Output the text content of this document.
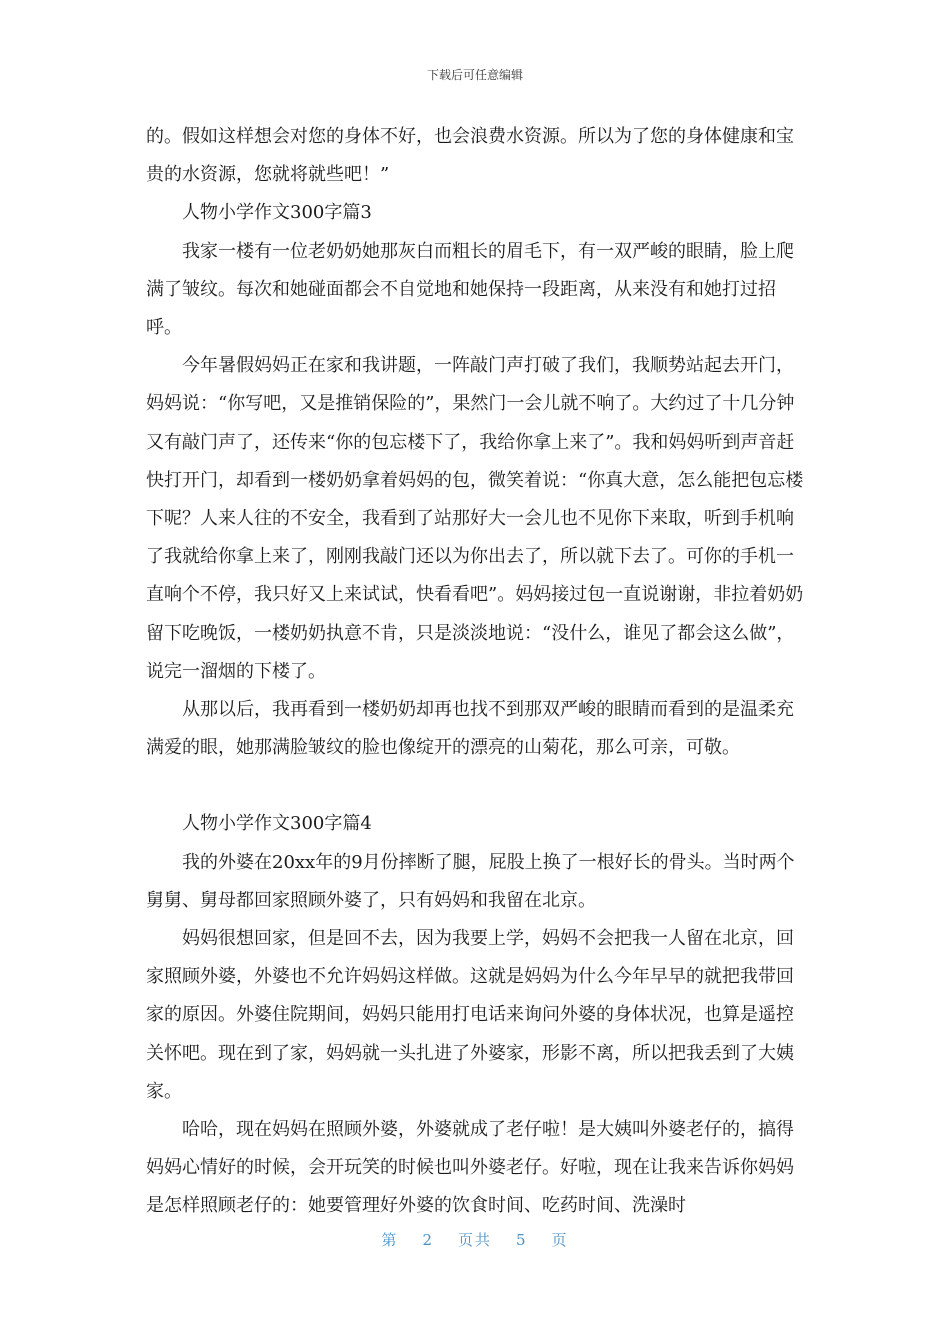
下载后可任意编辑

的。假如这样想会对您的身体不好，也会浪费水资源。所以为了您的身体健康和宝贵的水资源，您就将就些吧！”

人物小学作文300字篇3

我家一楼有一位老奶奶她那灰白而粗长的眉毛下，有一双严峻的眼睛，脸上爬满了皱纹。每次和她碰面都会不自觉地和她保持一段距离，从来没有和她打过招呼。

今年暑假妈妈正在家和我讲题，一阵敲门声打破了我们，我顺势站起去开门，妈妈说：“你写吧，又是推销保险的”，果然门一会儿就不响了。大约过了十几分钟又有敲门声了，还传来“你的包忘楼下了，我给你拿上来了”。我和妈妈听到声音赶快打开门，却看到一楼奶奶拿着妈妈的包，微笑着说：“你真大意，怎么能把包忘楼下呢？人来人往的不安全，我看到了站那好大一会儿也不见你下来取，听到手机响了我就给你拿上来了，刚刚我敲门还以为你出去了，所以就下去了。可你的手机一直响个不停，我只好又上来试试，快看看吧”。妈妈接过包一直说谢谢，非拉着奶奶留下吃晚饭，一楼奶奶执意不肯，只是淡淡地说：“没什么，谁见了都会这么做”，说完一溜烟的下楼了。

从那以后，我再看到一楼奶奶却再也找不到那双严峻的眼睛而看到的是温柔充满爱的眼，她那满脸皱纹的脸也像绽开的漂亮的山菊花，那么可亲，可敬。

人物小学作文300字篇4

我的外婆在20xx年的9月份摔断了腿，屁股上换了一根好长的骨头。当时两个舅舅、舅母都回家照顾外婆了，只有妈妈和我留在北京。

妈妈很想回家，但是回不去，因为我要上学，妈妈不会把我一人留在北京，回家照顾外婆，外婆也不允许妈妈这样做。这就是妈妈为什么今年早早的就把我带回家的原因。外婆住院期间，妈妈只能用打电话来询问外婆的身体状况，也算是遥控关怀吧。现在到了家，妈妈就一头扎进了外婆家，形影不离，所以把我丢到了大姨家。

哈哈，现在妈妈在照顾外婆，外婆就成了老仔啦！是大姨叫外婆老仔的，搞得妈妈心情好的时候，会开玩笑的时候也叫外婆老仔。好啦，现在让我来告诉你妈妈是怎样照顾老仔的：她要管理好外婆的饮食时间、吃药时间、洗澡时

第 2 页共 5 页
